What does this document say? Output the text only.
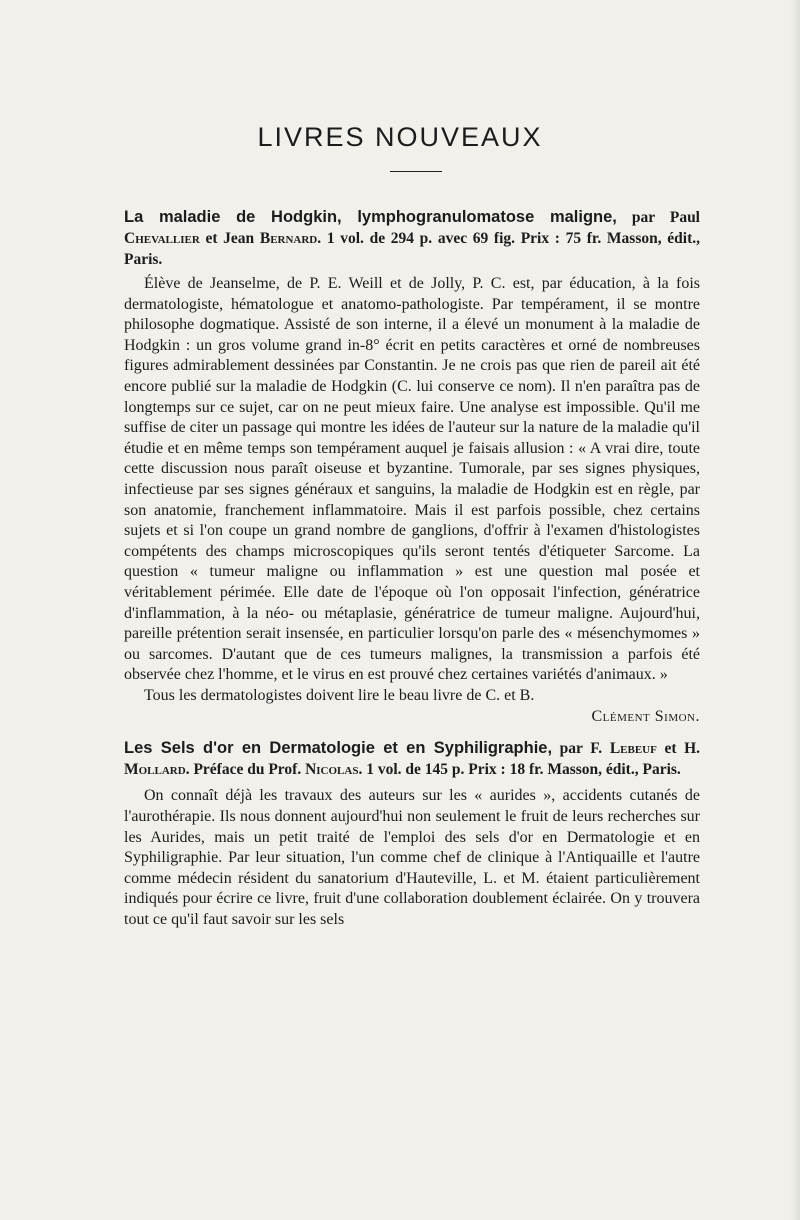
LIVRES NOUVEAUX

La maladie de Hodgkin, lymphogranulomatose maligne, par Paul Chevallier et Jean Bernard. 1 vol. de 294 p. avec 69 fig. Prix : 75 fr. Masson, édit., Paris.

Élève de Jeanselme, de P. E. Weill et de Jolly, P. C. est, par éducation, à la fois dermatologiste, hématologue et anatomo-pathologiste. Par tempérament, il se montre philosophe dogmatique. Assisté de son interne, il a élevé un monument à la maladie de Hodgkin : un gros volume grand in-8° écrit en petits caractères et orné de nombreuses figures admirablement dessinées par Constantin. Je ne crois pas que rien de pareil ait été encore publié sur la maladie de Hodgkin (C. lui conserve ce nom). Il n'en paraîtra pas de longtemps sur ce sujet, car on ne peut mieux faire. Une analyse est impossible. Qu'il me suffise de citer un passage qui montre les idées de l'auteur sur la nature de la maladie qu'il étudie et en même temps son tempérament auquel je faisais allusion : « A vrai dire, toute cette discussion nous paraît oiseuse et byzantine. Tumorale, par ses signes physiques, infectieuse par ses signes généraux et sanguins, la maladie de Hodgkin est en règle, par son anatomie, franchement inflammatoire. Mais il est parfois possible, chez certains sujets et si l'on coupe un grand nombre de ganglions, d'offrir à l'examen d'histologistes compétents des champs microscopiques qu'ils seront tentés d'étiqueter Sarcome. La question « tumeur maligne ou inflammation » est une question mal posée et véritablement périmée. Elle date de l'époque où l'on opposait l'infection, génératrice d'inflammation, à la néo- ou métaplasie, génératrice de tumeur maligne. Aujourd'hui, pareille prétention serait insensée, en particulier lorsqu'on parle des « mésenchymomes » ou sarcomes. D'autant que de ces tumeurs malignes, la transmission a parfois été observée chez l'homme, et le virus en est prouvé chez certaines variétés d'animaux. »

Tous les dermatologistes doivent lire le beau livre de C. et B.

Clément Simon.

Les Sels d'or en Dermatologie et en Syphiligraphie, par F. Lebeuf et H. Mollard. Préface du Prof. Nicolas. 1 vol. de 145 p. Prix : 18 fr. Masson, édit., Paris.

On connaît déjà les travaux des auteurs sur les « aurides », accidents cutanés de l'aurothérapie. Ils nous donnent aujourd'hui non seulement le fruit de leurs recherches sur les Aurides, mais un petit traité de l'emploi des sels d'or en Dermatologie et en Syphiligraphie. Par leur situation, l'un comme chef de clinique à l'Antiquaille et l'autre comme médecin résident du sanatorium d'Hauteville, L. et M. étaient particulièrement indiqués pour écrire ce livre, fruit d'une collaboration doublement éclairée. On y trouvera tout ce qu'il faut savoir sur les sels
